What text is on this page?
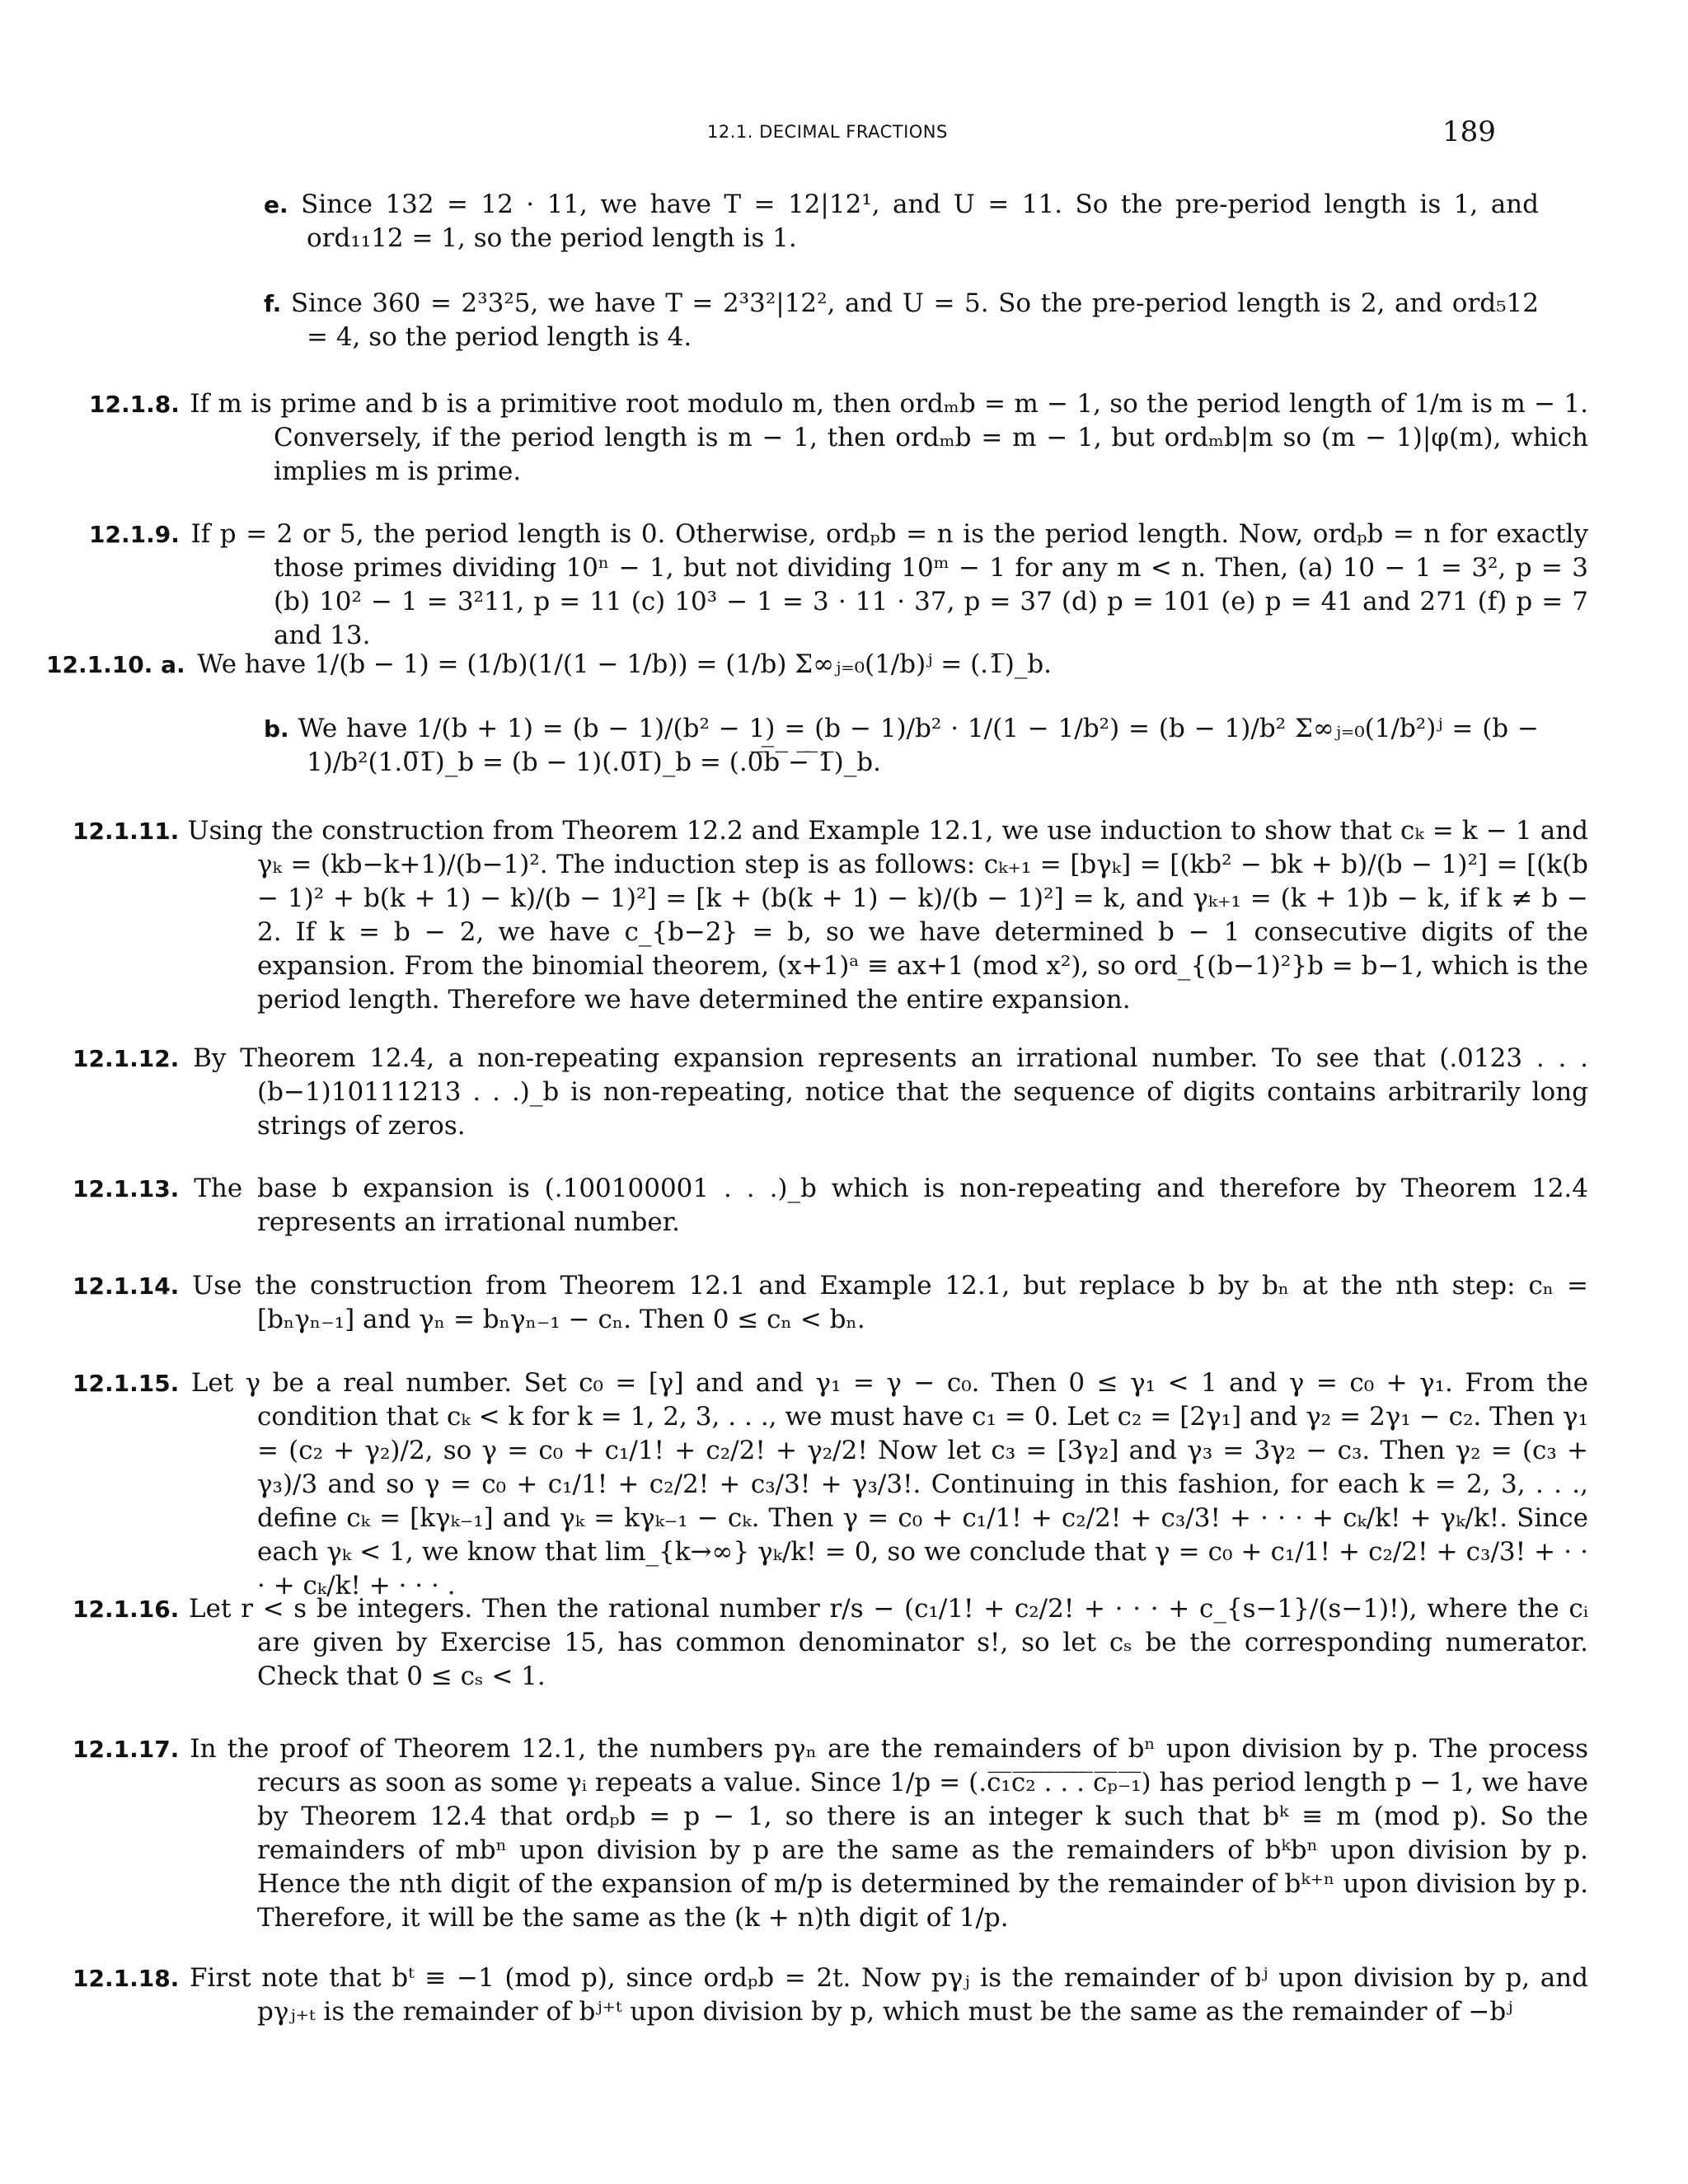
12.1. DECIMAL FRACTIONS	189
e. Since 132 = 12 · 11, we have T = 12|12¹, and U = 11. So the pre-period length is 1, and ord₁₁12 = 1, so the period length is 1.
f. Since 360 = 2³3²5, we have T = 2³3²|12², and U = 5. So the pre-period length is 2, and ord₅12 = 4, so the period length is 4.
12.1.8. If m is prime and b is a primitive root modulo m, then ordₘb = m − 1, so the period length of 1/m is m − 1. Conversely, if the period length is m − 1, then ordₘb = m − 1, but ordₘb|m so (m − 1)|φ(m), which implies m is prime.
12.1.9. If p = 2 or 5, the period length is 0. Otherwise, ordₚb = n is the period length. Now, ordₚb = n for exactly those primes dividing 10ⁿ − 1, but not dividing 10ᵐ − 1 for any m < n. Then, (a) 10 − 1 = 3², p = 3 (b) 10² − 1 = 3²11, p = 11 (c) 10³ − 1 = 3 · 11 · 37, p = 37 (d) p = 101 (e) p = 41 and 271 (f) p = 7 and 13.
12.1.10. a. We have 1/(b − 1) = (1/b)(1/(1 − 1/b)) = (1/b) Σ∞ⱼ₌₀(1/b)ʲ = (.1̅)_b.
b. We have 1/(b + 1) = (b − 1)/(b² − 1) = (b − 1)/b² · 1/(1 − 1/b²) = (b − 1)/b² Σ∞ⱼ₌₀(1/b²)ʲ = (b − 1)/b²(1.0̅1̅)_b = (b − 1)(.0̅1̅)_b = (.0̅b̅ ̅−̅ ̅1̅)_b.
12.1.11. Using the construction from Theorem 12.2 and Example 12.1, we use induction to show that cₖ = k − 1 and γₖ = (kb−k+1)/(b−1)². The induction step is as follows: cₖ₊₁ = [bγₖ] = [(kb² − bk + b)/(b − 1)²] = [(k(b − 1)² + b(k + 1) − k)/(b − 1)²] = [k + (b(k + 1) − k)/(b − 1)²] = k, and γₖ₊₁ = (k + 1)b − k, if k ≠ b − 2. If k = b − 2, we have c_{b−2} = b, so we have determined b − 1 consecutive digits of the expansion. From the binomial theorem, (x+1)ᵃ ≡ ax+1 (mod x²), so ord_{(b−1)²}b = b−1, which is the period length. Therefore we have determined the entire expansion.
12.1.12. By Theorem 12.4, a non-repeating expansion represents an irrational number. To see that (.0123 . . . (b−1)10111213 . . .)_b is non-repeating, notice that the sequence of digits contains arbitrarily long strings of zeros.
12.1.13. The base b expansion is (.100100001 . . .)_b which is non-repeating and therefore by Theorem 12.4 represents an irrational number.
12.1.14. Use the construction from Theorem 12.1 and Example 12.1, but replace b by bₙ at the nth step: cₙ = [bₙγₙ₋₁] and γₙ = bₙγₙ₋₁ − cₙ. Then 0 ≤ cₙ < bₙ.
12.1.15. Let γ be a real number. Set c₀ = [γ] and and γ₁ = γ − c₀. Then 0 ≤ γ₁ < 1 and γ = c₀ + γ₁. From the condition that cₖ < k for k = 1, 2, 3, . . ., we must have c₁ = 0. Let c₂ = [2γ₁] and γ₂ = 2γ₁ − c₂. Then γ₁ = (c₂ + γ₂)/2, so γ = c₀ + c₁/1! + c₂/2! + γ₂/2! Now let c₃ = [3γ₂] and γ₃ = 3γ₂ − c₃. Then γ₂ = (c₃ + γ₃)/3 and so γ = c₀ + c₁/1! + c₂/2! + c₃/3! + γ₃/3!. Continuing in this fashion, for each k = 2, 3, . . ., define cₖ = [kγₖ₋₁] and γₖ = kγₖ₋₁ − cₖ. Then γ = c₀ + c₁/1! + c₂/2! + c₃/3! + · · · + cₖ/k! + γₖ/k!. Since each γₖ < 1, we know that lim_{k→∞} γₖ/k! = 0, so we conclude that γ = c₀ + c₁/1! + c₂/2! + c₃/3! + · · · + cₖ/k! + · · · .
12.1.16. Let r < s be integers. Then the rational number r/s − (c₁/1! + c₂/2! + · · · + c_{s−1}/(s−1)!), where the cᵢ are given by Exercise 15, has common denominator s!, so let cₛ be the corresponding numerator. Check that 0 ≤ cₛ < 1.
12.1.17. In the proof of Theorem 12.1, the numbers pγₙ are the remainders of bⁿ upon division by p. The process recurs as soon as some γᵢ repeats a value. Since 1/p = (.c̅₁̅c̅₂̅ ̅.̅ ̅.̅ ̅.̅ ̅c̅ₚ̅₋̅₁̅) has period length p − 1, we have by Theorem 12.4 that ordₚb = p − 1, so there is an integer k such that bᵏ ≡ m (mod p). So the remainders of mbⁿ upon division by p are the same as the remainders of bᵏbⁿ upon division by p. Hence the nth digit of the expansion of m/p is determined by the remainder of bᵏ⁺ⁿ upon division by p. Therefore, it will be the same as the (k + n)th digit of 1/p.
12.1.18. First note that bᵗ ≡ −1 (mod p), since ordₚb = 2t. Now pγⱼ is the remainder of bʲ upon division by p, and pγⱼ₊ₜ is the remainder of bʲ⁺ᵗ upon division by p, which must be the same as the remainder of −bʲ
